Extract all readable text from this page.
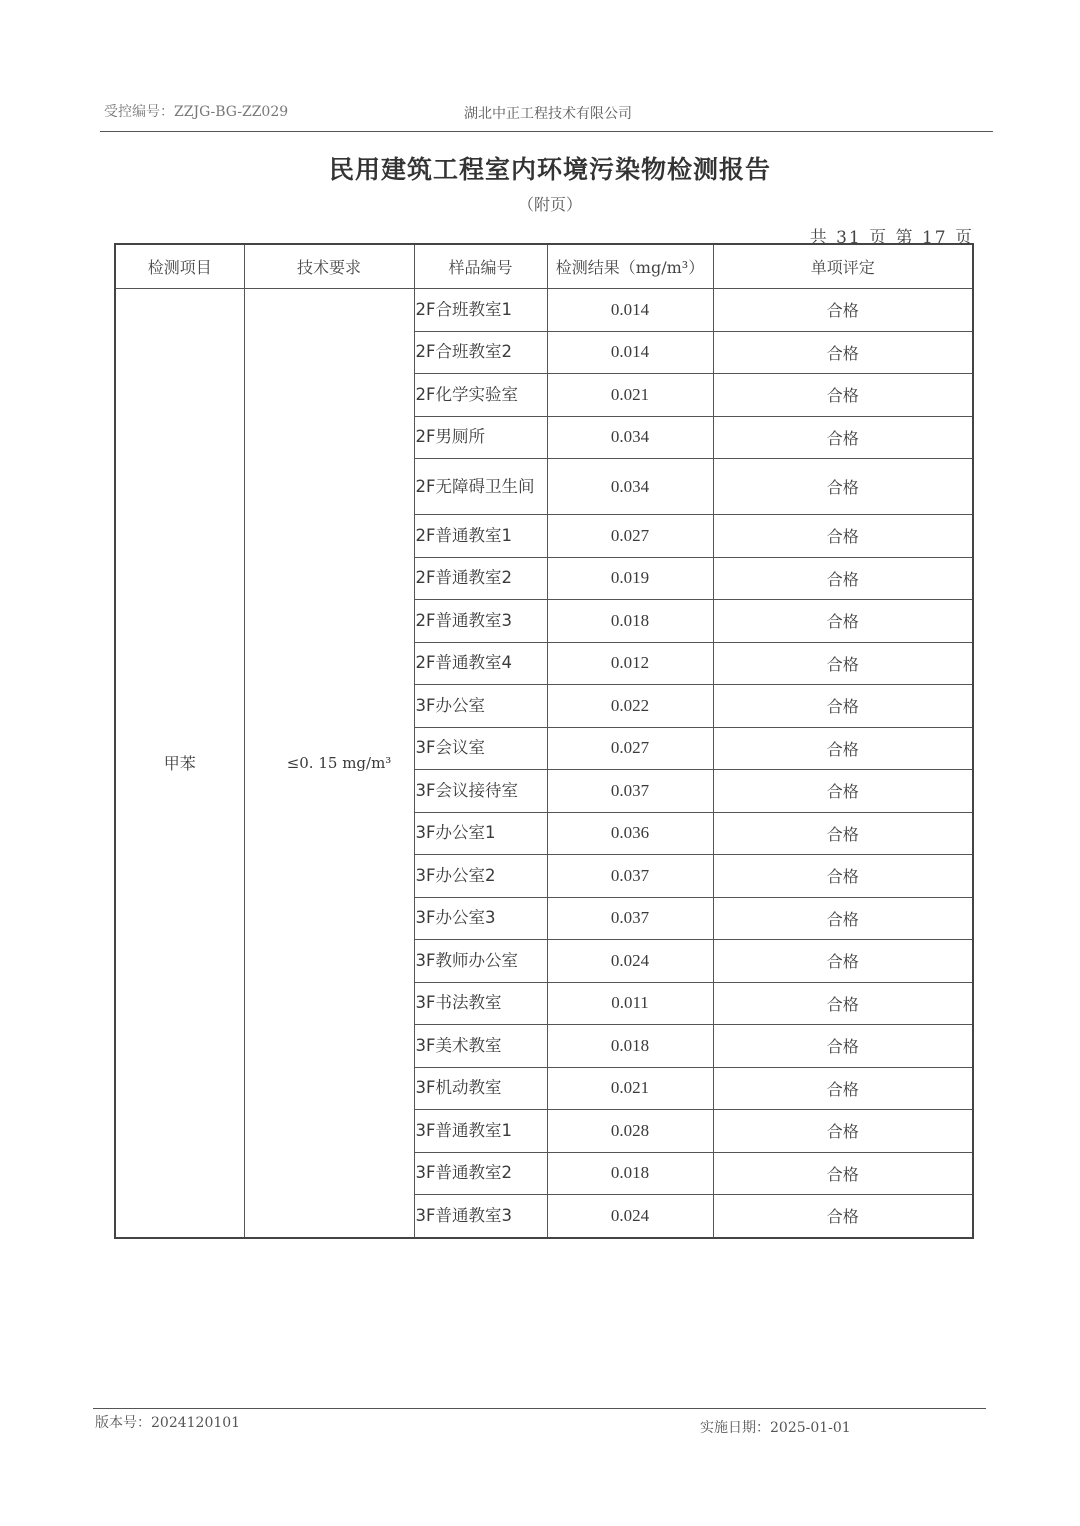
受控编号：ZZJG-BG-ZZ029	湖北中正工程技术有限公司
民用建筑工程室内环境污染物检测报告
（附页）
共 31 页 第 17 页
检测项目	技术要求	样品编号	检测结果（mg/m³）	单项评定
甲苯	≤0. 15 mg/m³	2F合班教室1	0.014	合格
		2F合班教室2	0.014	合格
		2F化学实验室	0.021	合格
		2F男厕所	0.034	合格
		2F无障碍卫生间	0.034	合格
		2F普通教室1	0.027	合格
		2F普通教室2	0.019	合格
		2F普通教室3	0.018	合格
		2F普通教室4	0.012	合格
		3F办公室	0.022	合格
		3F会议室	0.027	合格
		3F会议接待室	0.037	合格
		3F办公室1	0.036	合格
		3F办公室2	0.037	合格
		3F办公室3	0.037	合格
		3F教师办公室	0.024	合格
		3F书法教室	0.011	合格
		3F美术教室	0.018	合格
		3F机动教室	0.021	合格
		3F普通教室1	0.028	合格
		3F普通教室2	0.018	合格
		3F普通教室3	0.024	合格
版本号：2024120101	实施日期：2025-01-01
